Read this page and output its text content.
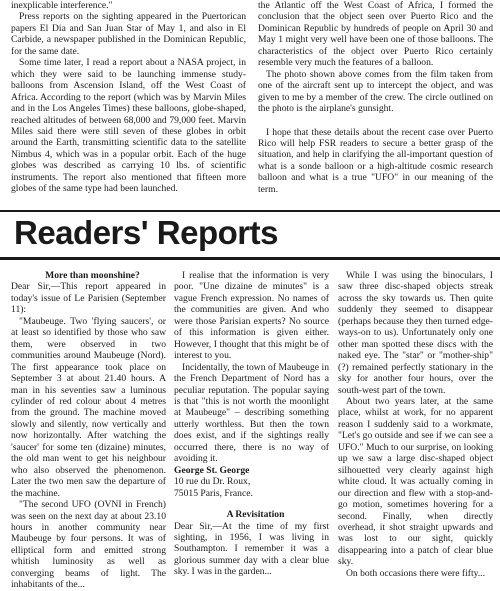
inexplicable interference."

Press reports on the sighting appeared in the Puertorican papers El Dia and San Juan Star of May 1, and also in El Carbide, a newspaper published in the Dominican Republic, for the same date.

Some time later, I read a report about a NASA project, in which they were said to be launching immense study-balloons from Ascension Island, off the West Coast of Africa. According to the report (which was by Marvin Miles and in the Los Angeles Times) these balloons, globe-shaped, reached altitudes of between 68,000 and 79,000 feet. Marvin Miles said there were still seven of these globes in orbit around the Earth, transmitting scientific data to the satellite Nimbus 4, which was in a popular orbit. Each of the huge globes was described as carrying 10 lbs. of scientific instruments. The report also mentioned that fifteen more globes of the same type had been launched.

the Atlantic off the West Coast of Africa, I formed the conclusion that the object seen over Puerto Rico and the Dominican Republic by hundreds of people on April 30 and May 1 might very well have been one of those balloons. The characteristics of the object over Puerto Rico certainly resemble very much the features of a balloon.

The photo shown above comes from the film taken from one of the aircraft sent up to intercept the object, and was given to me by a member of the crew. The circle outlined on the photo is the airplane's gunsight.

I hope that these details about the recent case over Puerto Rico will help FSR readers to secure a better grasp of the situation, and help in clarifying the all-important question of what is a sonde balloon or a high-altitude cosmic research balloon and what is a true "UFO" in our meaning of the term.

Readers' Reports

More than moonshine?

Dear Sir,—This report appeared in today's issue of Le Parisien (September 11):

"Maubeuge. Two 'flying saucers', or at least so identified by those who saw them, were observed in two communities around Maubeuge (Nord). The first appearance took place on September 3 at about 21.40 hours. A man in his seventies saw a luminous cylinder of red colour about 4 metres from the ground. The machine moved slowly and silently, now vertically and now horizontally. After watching the 'saucer' for some ten (dizaine) minutes, the old man went to get his neighbour who also observed the phenomenon. Later the two men saw the departure of the machine.

"The second UFO (OVNI in French) was seen on the next day at about 23.10 hours in another community near Maubeuge by four persons. It was of elliptical form and emitted strong whitish luminosity as well as converging beams of light. The inhabitants of the...

I realise that the information is very poor. "Une dizaine de minutes" is a vague French expression. No names of the communities are given. And who were those Parisian experts? No source of this information is given either. However, I thought that this might be of interest to you.

Incidentally, the town of Maubeuge in the French Department of Nord has a peculiar reputation. The popular saying is that "this is not worth the moonlight at Maubeuge" – describing something utterly worthless. But then the town does exist, and if the sightings really occurred there, there is no way of avoiding it.

George St. George

10 rue du Dr. Roux,

75015 Paris, France.

A Revisitation

Dear Sir,—At the time of my first sighting, in 1956, I was living in Southampton. I remember it was a glorious summer day with a clear blue sky. I was in the garden...

While I was using the binoculars, I saw three disc-shaped objects streak across the sky towards us. Then quite suddenly they seemed to disappear (perhaps because they then turned edge-ways-on to us). Unfortunately only one other man spotted these discs with the naked eye. The "star" or "mother-ship" (?) remained perfectly stationary in the sky for another four hours, over the south-west part of the town.

About two years later, at the same place, whilst at work, for no apparent reason I suddenly said to a workmate, "Let's go outside and see if we can see a UFO." Much to our surprise, on looking up we saw a large disc-shaped object silhouetted very clearly against high white cloud. It was actually coming in our direction and flew with a stop-and-go motion, sometimes hovering for a second. Finally, when directly overhead, it shot straight upwards and was lost to our sight, quickly disappearing into a patch of clear blue sky.

On both occasions there were fifty...
